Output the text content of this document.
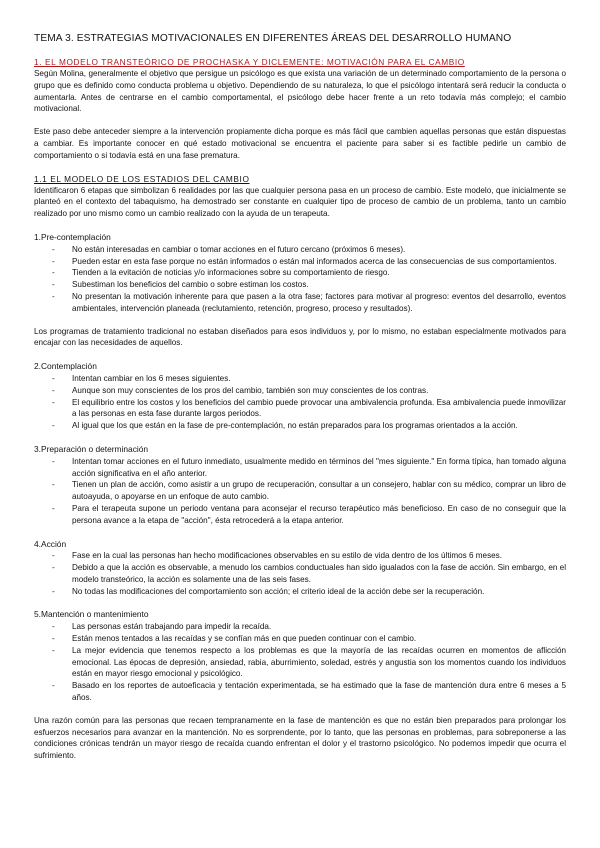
TEMA 3. ESTRATEGIAS MOTIVACIONALES EN DIFERENTES ÁREAS DEL DESARROLLO HUMANO
1. EL MODELO TRANSTEÓRICO DE PROCHASKA Y DICLEMENTE: MOTIVACIÓN PARA EL CAMBIO

Según Molina, generalmente el objetivo que persigue un psicólogo es que exista una variación de un determinado comportamiento de la persona o grupo que es definido como conducta problema u objetivo. Dependiendo de su naturaleza, lo que el psicólogo intentará será reducir la conducta o aumentarla. Antes de centrarse en el cambio comportamental, el psicólogo debe hacer frente a un reto todavía más complejo; el cambio motivacional.

Este paso debe anteceder siempre a la intervención propiamente dicha porque es más fácil que cambien aquellas personas que están dispuestas a cambiar. Es importante conocer en qué estado motivacional se encuentra el paciente para saber si es factible pedirle un cambio de comportamiento o si todavía está en una fase prematura.

1.1 EL MODELO DE LOS ESTADIOS DEL CAMBIO

Identificaron 6 etapas que simbolizan 6 realidades por las que cualquier persona pasa en un proceso de cambio. Este modelo, que inicialmente se planteó en el contexto del tabaquismo, ha demostrado ser constante en cualquier tipo de proceso de cambio de un problema, tanto un cambio realizado por uno mismo como un cambio realizado con la ayuda de un terapeuta.

1.Pre-contemplación
- No están interesadas en cambiar o tomar acciones en el futuro cercano (próximos 6 meses).
- Pueden estar en esta fase porque no están informados o están mal informados acerca de las consecuencias de sus comportamientos.
- Tienden a la evitación de noticias y/o informaciones sobre su comportamiento de riesgo.
- Subestiman los beneficios del cambio o sobre estiman los costos.
- No presentan la motivación inherente para que pasen a la otra fase; factores para motivar al progreso: eventos del desarrollo, eventos ambientales, intervención planeada (reclutamiento, retención, progreso, proceso y resultados).

Los programas de tratamiento tradicional no estaban diseñados para esos individuos y, por lo mismo, no estaban especialmente motivados para encajar con las necesidades de aquellos.

2.Contemplación
- Intentan cambiar en los 6 meses siguientes.
- Aunque son muy conscientes de los pros del cambio, también son muy conscientes de los contras.
- El equilibrio entre los costos y los beneficios del cambio puede provocar una ambivalencia profunda. Esa ambivalencia puede inmovilizar a las personas en esta fase durante largos periodos.
- Al igual que los que están en la fase de pre-contemplación, no están preparados para los programas orientados a la acción.
3.Preparación o determinación
- Intentan tomar acciones en el futuro inmediato, usualmente medido en términos del "mes siguiente." En forma típica, han tomado alguna acción significativa en el año anterior.
- Tienen un plan de acción, como asistir a un grupo de recuperación, consultar a un consejero, hablar con su médico, comprar un libro de autoayuda, o apoyarse en un enfoque de auto cambio.
- Para el terapeuta supone un periodo ventana para aconsejar el recurso terapéutico más beneficioso. En caso de no conseguir que la persona avance a la etapa de "acción", ésta retrocederá a la etapa anterior.
4.Acción
- Fase en la cual las personas han hecho modificaciones observables en su estilo de vida dentro de los últimos 6 meses.
- Debido a que la acción es observable, a menudo los cambios conductuales han sido igualados con la fase de acción. Sin embargo, en el modelo transteórico, la acción es solamente una de las seis fases.
- No todas las modificaciones del comportamiento son acción; el criterio ideal de la acción debe ser la recuperación.
5.Mantención o mantenimiento
- Las personas están trabajando para impedir la recaída.
- Están menos tentados a las recaídas y se confían más en que pueden continuar con el cambio.
- La mejor evidencia que tenemos respecto a los problemas es que la mayoría de las recaídas ocurren en momentos de aflicción emocional. Las épocas de depresión, ansiedad, rabia, aburrimiento, soledad, estrés y angustia son los momentos cuando los individuos están en mayor riesgo emocional y psicológico.
- Basado en los reportes de autoeficacia y tentación experimentada, se ha estimado que la fase de mantención dura entre 6 meses a 5 años.

Una razón común para las personas que recaen tempranamente en la fase de mantención es que no están bien preparados para prolongar los esfuerzos necesarios para avanzar en la mantención. No es sorprendente, por lo tanto, que las personas en problemas, para sobreponerse a las condiciones crónicas tendrán un mayor riesgo de recaída cuando enfrentan el dolor y el trastorno psicológico. No podemos impedir que ocurra el sufrimiento.
